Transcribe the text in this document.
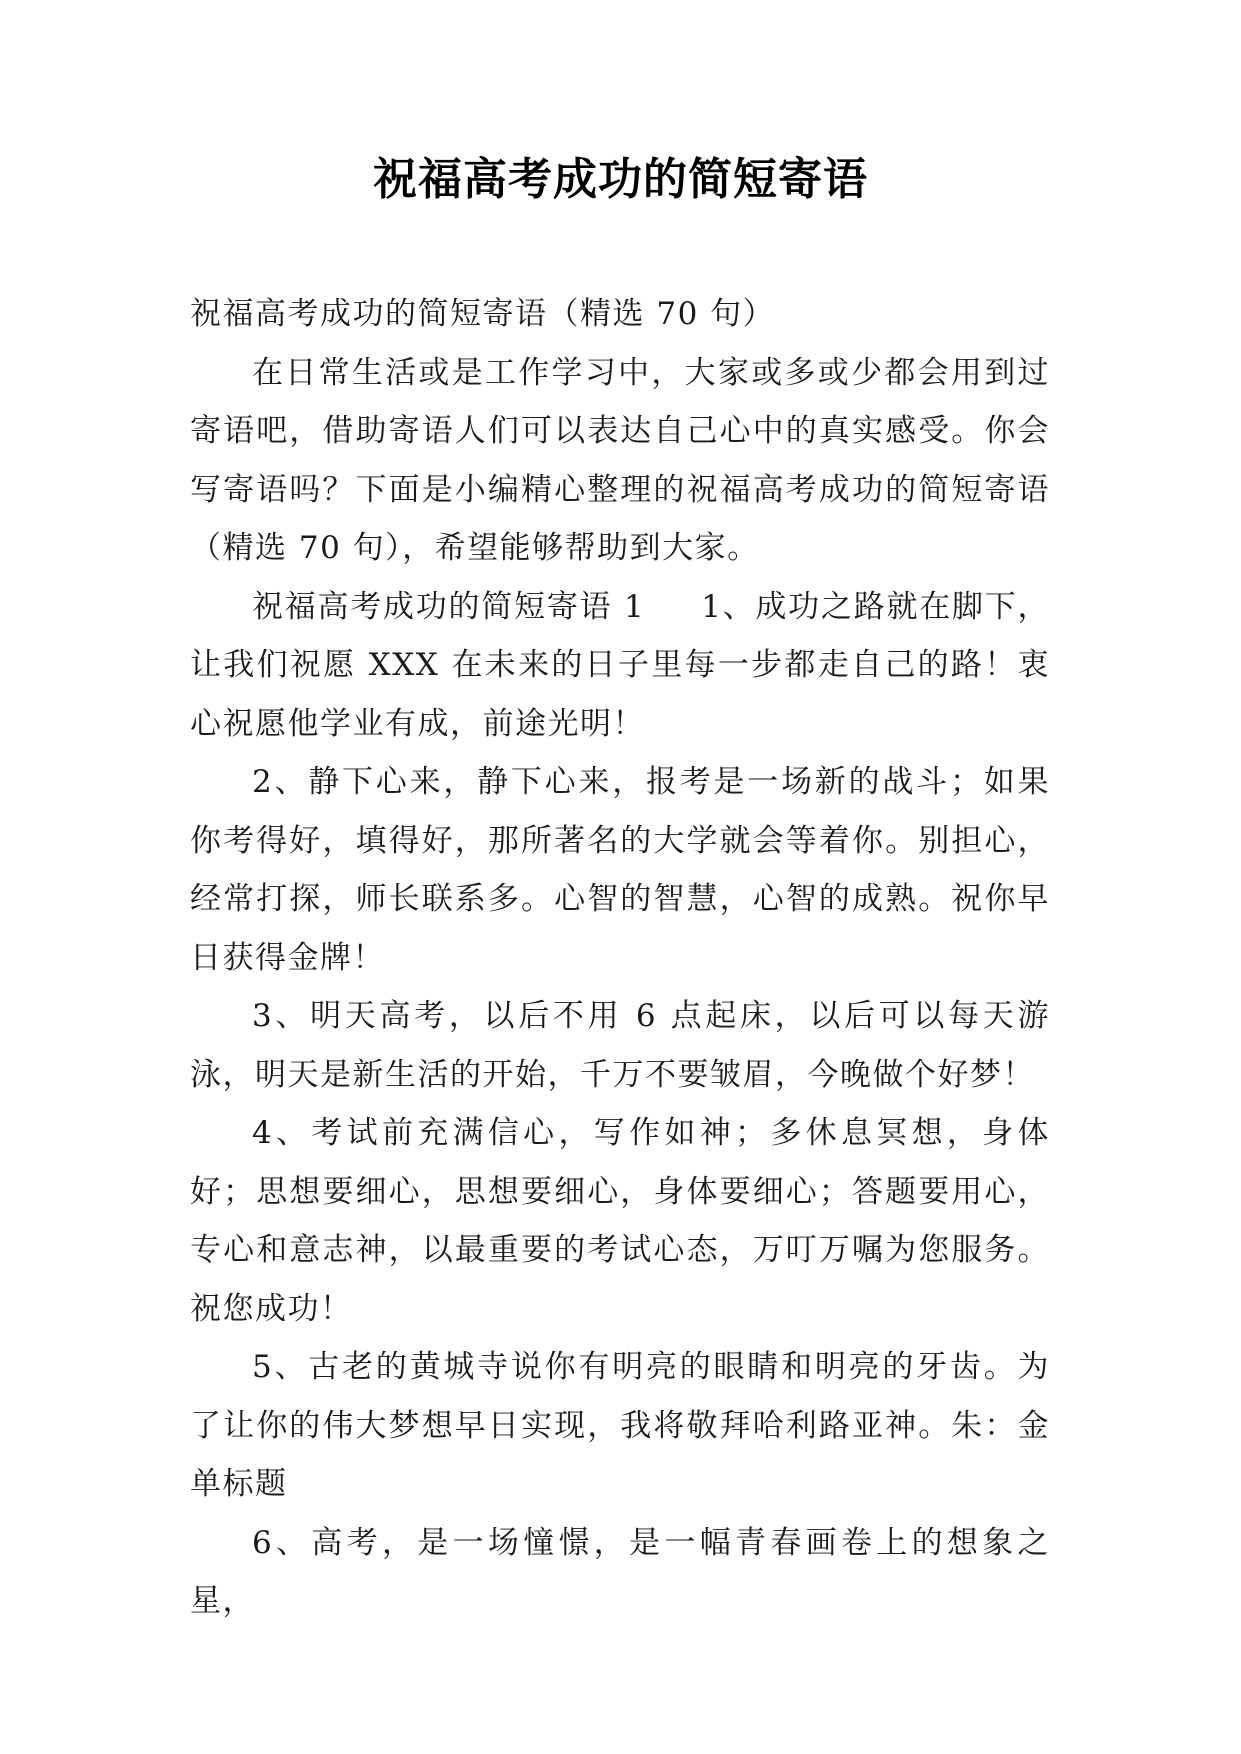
祝福高考成功的简短寄语

祝福高考成功的简短寄语（精选 70 句）

在日常生活或是工作学习中，大家或多或少都会用到过寄语吧，借助寄语人们可以表达自己心中的真实感受。你会写寄语吗？下面是小编精心整理的祝福高考成功的简短寄语（精选 70 句），希望能够帮助到大家。

祝福高考成功的简短寄语 1 1、成功之路就在脚下，让我们祝愿 XXX 在未来的日子里每一步都走自己的路！衷心祝愿他学业有成，前途光明！

2、静下心来，静下心来，报考是一场新的战斗；如果你考得好，填得好，那所著名的大学就会等着你。别担心，经常打探，师长联系多。心智的智慧，心智的成熟。祝你早日获得金牌！

3、明天高考，以后不用 6 点起床，以后可以每天游泳，明天是新生活的开始，千万不要皱眉，今晚做个好梦！

4、考试前充满信心，写作如神；多休息冥想，身体好；思想要细心，思想要细心，身体要细心；答题要用心，专心和意志神，以最重要的考试心态，万叮万嘱为您服务。祝您成功！

5、古老的黄城寺说你有明亮的眼睛和明亮的牙齿。为了让你的伟大梦想早日实现，我将敬拜哈利路亚神。朱：金单标题

6、高考，是一场憧憬，是一幅青春画卷上的想象之星，
